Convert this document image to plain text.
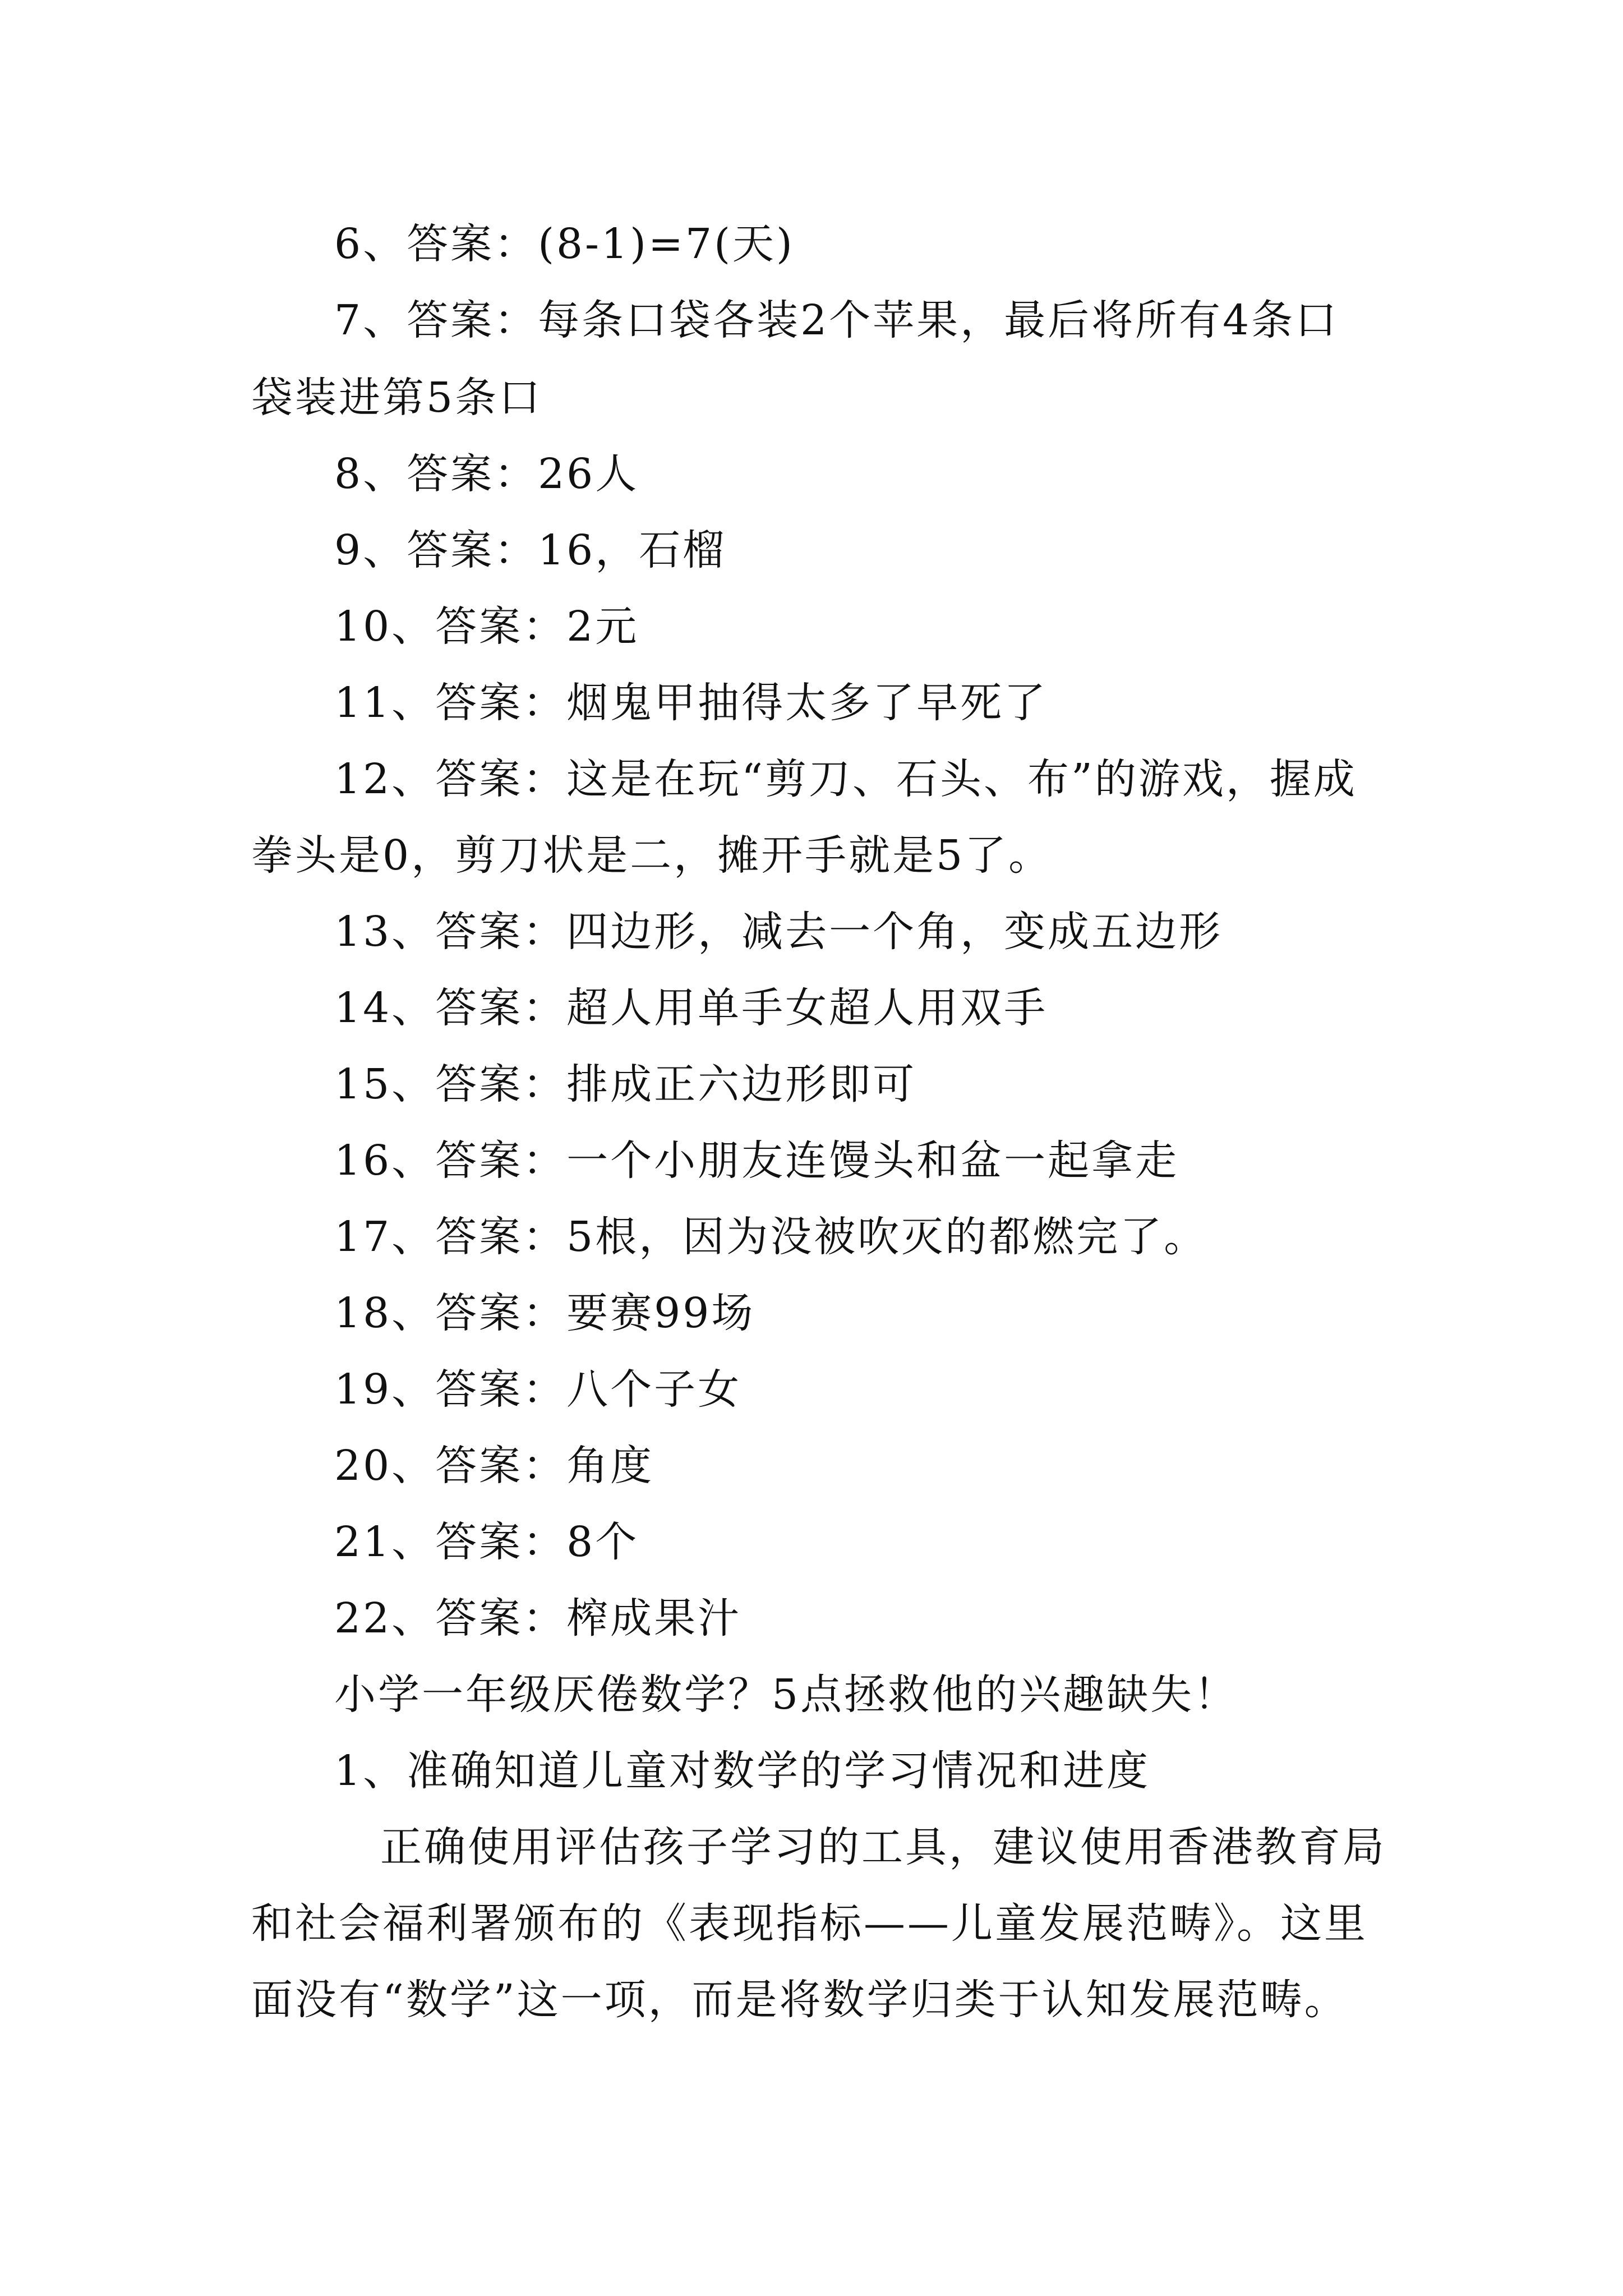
6、答案：(8-1)=7(天)
7、答案：每条口袋各装2个苹果，最后将所有4条口
袋装进第5条口
8、答案：26人
9、答案：16，石榴
10、答案：2元
11、答案：烟鬼甲抽得太多了早死了
12、答案：这是在玩“剪刀、石头、布”的游戏，握成
拳头是0，剪刀状是二，摊开手就是5了。
13、答案：四边形，减去一个角，变成五边形
14、答案：超人用单手女超人用双手
15、答案：排成正六边形即可
16、答案：一个小朋友连馒头和盆一起拿走
17、答案：5根，因为没被吹灭的都燃完了。
18、答案：要赛99场
19、答案：八个子女
20、答案：角度
21、答案：8个
22、答案：榨成果汁
小学一年级厌倦数学？5点拯救他的兴趣缺失！
1、准确知道儿童对数学的学习情况和进度
正确使用评估孩子学习的工具，建议使用香港教育局
和社会福利署颁布的《表现指标——儿童发展范畴》。这里
面没有“数学”这一项，而是将数学归类于认知发展范畴。
